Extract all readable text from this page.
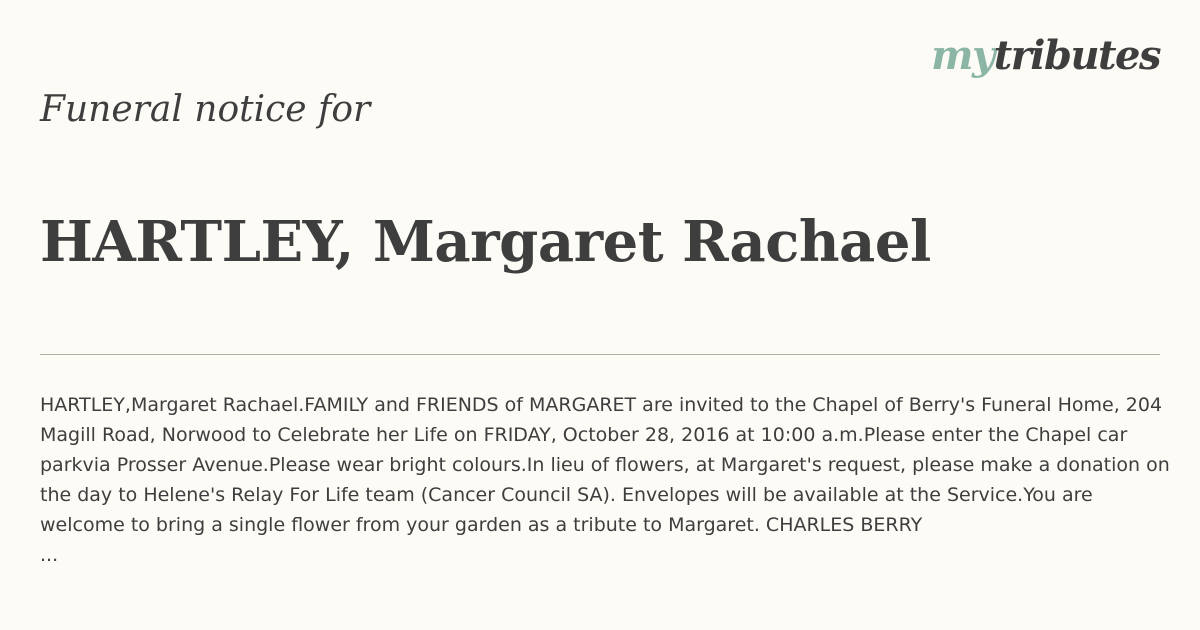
mytributes
Funeral notice for
HARTLEY, Margaret Rachael

HARTLEY,Margaret Rachael.FAMILY and FRIENDS of MARGARET are invited to the Chapel of Berry's Funeral Home, 204 Magill Road, Norwood to Celebrate her Life on FRIDAY, October 28, 2016 at 10:00 a.m.Please enter the Chapel car parkvia Prosser Avenue.Please wear bright colours.In lieu of flowers, at Margaret's request, please make a donation on the day to Helene's Relay For Life team (Cancer Council SA). Envelopes will be available at the Service.You are welcome to bring a single flower from your garden as a tribute to Margaret. CHARLES BERRY
...
